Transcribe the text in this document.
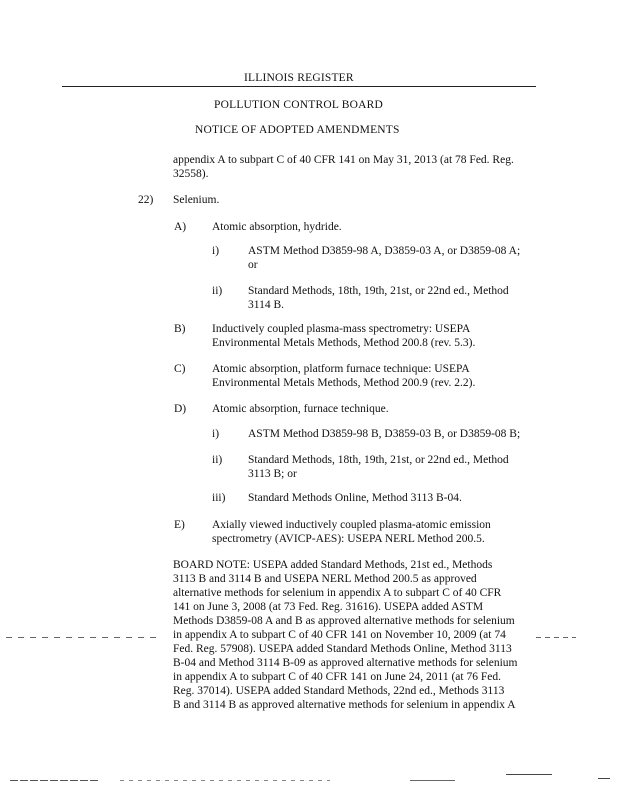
ILLINOIS REGISTER
POLLUTION CONTROL BOARD
NOTICE OF ADOPTED AMENDMENTS
appendix A to subpart C of 40 CFR 141 on May 31, 2013 (at 78 Fed. Reg.
32558).
22) Selenium.
A) Atomic absorption, hydride.
i)	ASTM Method D3859-98 A, D3859-03 A, or D3859-08 A;
or
ii) Standard Methods, 18th, 19th, 21st, or 22nd ed., Method
3114 B.
B) Inductively coupled plasma-mass spectrometry: USEPA
Environmental Metals Methods, Method 200.8 (rev. 5.3).
C) Atomic absorption, platform furnace technique: USEPA
Environmental Metals Methods, Method 200.9 (rev. 2.2).
D) Atomic absorption, furnace technique.
i)	ASTM Method D3859-98 B, D3859-03 B, or D3859-08 B;
ii) Standard Methods, 18th, 19th, 21st, or 22nd ed., Method
3113 B; or
iii) Standard Methods Online, Method 3113 B-04.
E) Axially viewed inductively coupled plasma-atomic emission
spectrometry (AVICP-AES): USEPA NERL Method 200.5.
BOARD NOTE: USEPA added Standard Methods, 21st ed., Methods
3113 B and 3114 B and USEPA NERL Method 200.5 as approved
alternative methods for selenium in appendix A to subpart C of 40 CFR
141 on June 3, 2008 (at 73 Fed. Reg. 31616). USEPA added ASTM
Methods D3859-08 A and B as approved alternative methods for selenium
in appendix A to subpart C of 40 CFR 141 on November 10, 2009 (at 74
Fed. Reg. 57908). USEPA added Standard Methods Online, Method 3113
B-04 and Method 3114 B-09 as approved alternative methods for selenium
in appendix A to subpart C of 40 CFR 141 on June 24, 2011 (at 76 Fed.
Reg. 37014). USEPA added Standard Methods, 22nd ed., Methods 3113
B and 3114 B as approved alternative methods for selenium in appendix A
